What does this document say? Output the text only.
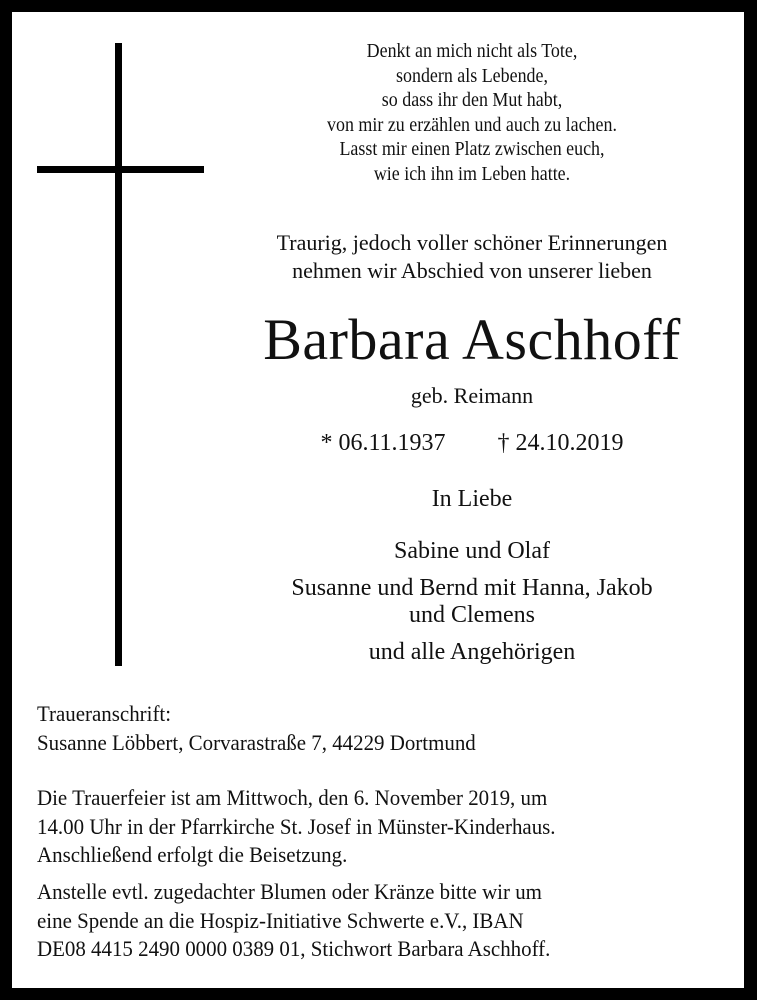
Denkt an mich nicht als Tote,
sondern als Lebende,
so dass ihr den Mut habt,
von mir zu erzählen und auch zu lachen.
Lasst mir einen Platz zwischen euch,
wie ich ihn im Leben hatte.
Traurig, jedoch voller schöner Erinnerungen
nehmen wir Abschied von unserer lieben
Barbara Aschhoff
geb. Reimann
* 06.11.1937 † 24.10.2019
In Liebe
Sabine und Olaf
Susanne und Bernd mit Hanna, Jakob
und Clemens
und alle Angehörigen
Traueranschrift:
Susanne Löbbert, Corvarastraße 7, 44229 Dortmund
Die Trauerfeier ist am Mittwoch, den 6. November 2019, um
14.00 Uhr in der Pfarrkirche St. Josef in Münster-Kinderhaus.
Anschließend erfolgt die Beisetzung.
Anstelle evtl. zugedachter Blumen oder Kränze bitte wir um
eine Spende an die Hospiz-Initiative Schwerte e.V., IBAN
DE08 4415 2490 0000 0389 01, Stichwort Barbara Aschhoff.
